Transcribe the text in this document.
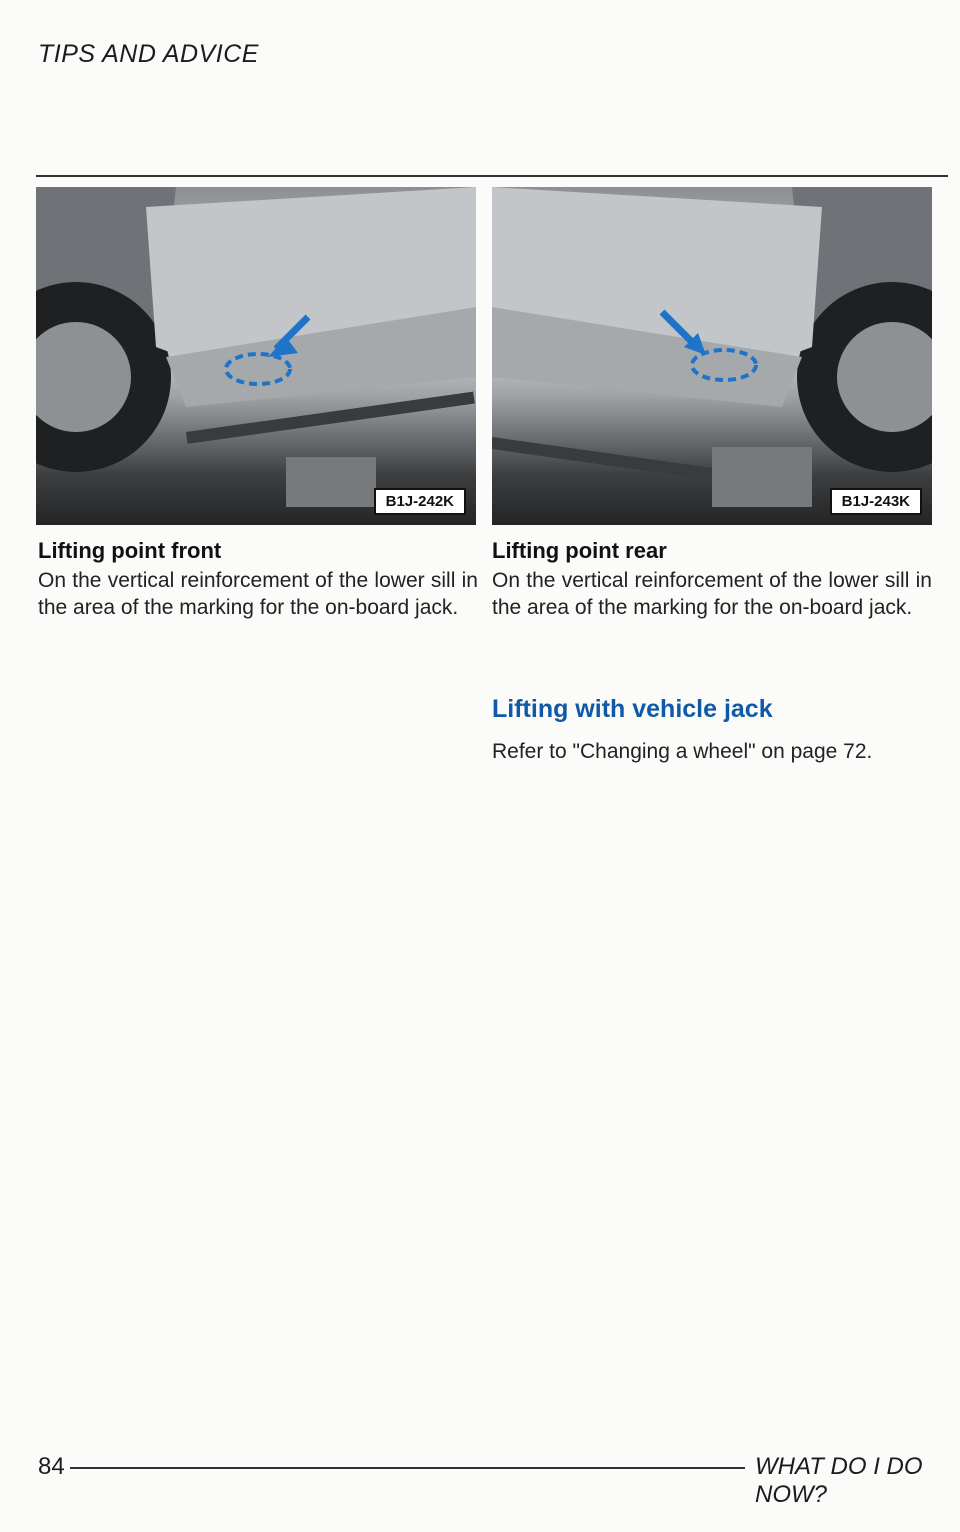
TIPS AND ADVICE
B1J-242K	B1J-243K
Lifting point front
On the vertical reinforcement of the lower sill in the area of the marking for the on-board jack.
Lifting point rear
On the vertical reinforcement of the lower sill in the area of the marking for the on-board jack.
Lifting with vehicle jack
Refer to "Changing a wheel" on page 72.
84	WHAT DO I DO NOW?
